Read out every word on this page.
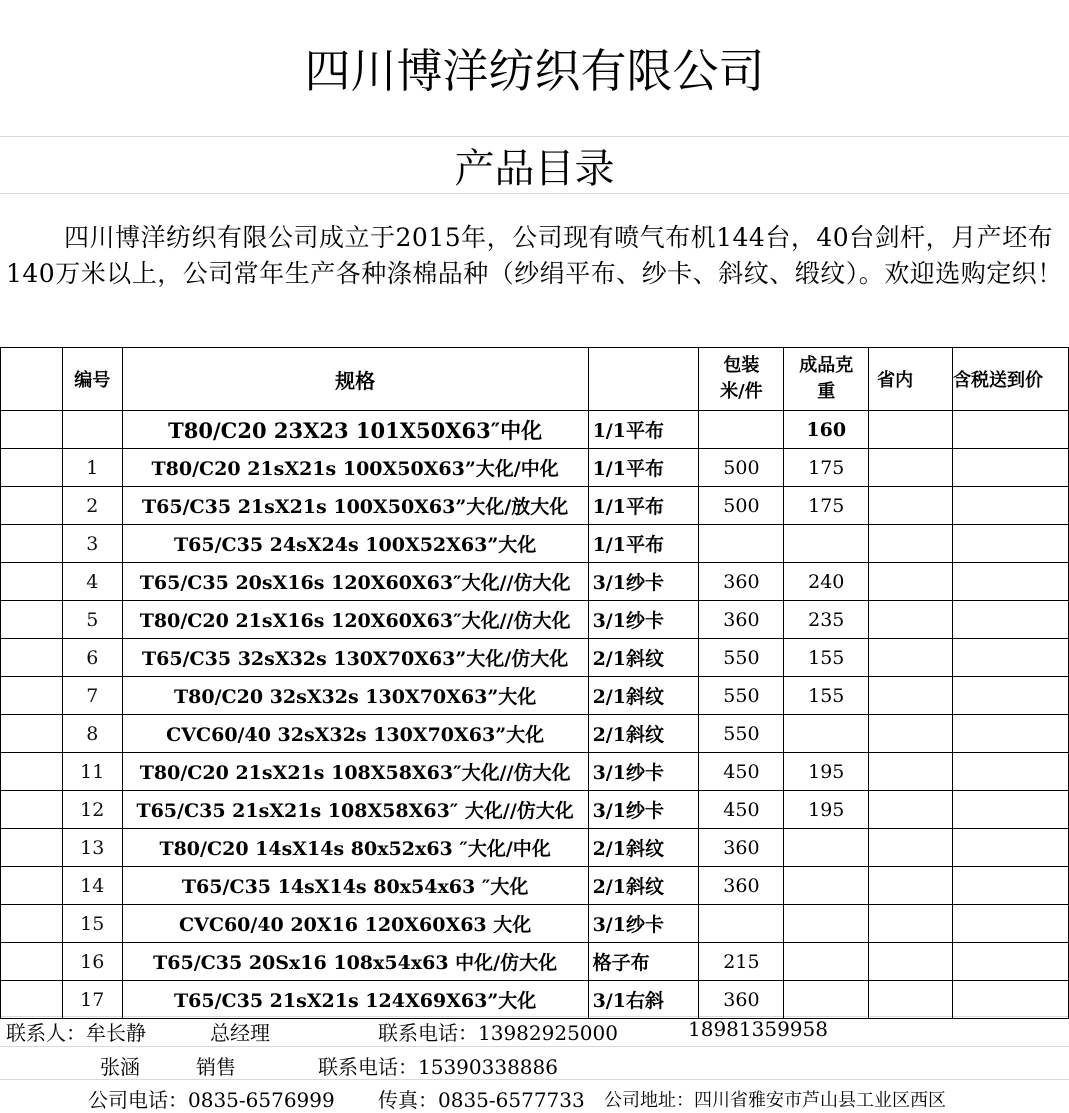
四川博洋纺织有限公司
产品目录
四川博洋纺织有限公司成立于2015年，公司现有喷气布机144台，40台剑杆，月产坯布140万米以上，公司常年生产各种涤棉品种（纱绢平布、纱卡、斜纹、缎纹）。欢迎选购定织！
	编号	规格		包装米/件	成品克重	省内	含税送到价
		T80/C20 23X23 101X50X63″中化	1/1平布		160		
	1	T80/C20 21sX21s 100X50X63”大化/中化	1/1平布	500	175		
	2	T65/C35 21sX21s 100X50X63”大化/放大化	1/1平布	500	175		
	3	T65/C35 24sX24s 100X52X63”大化	1/1平布				
	4	T65/C35 20sX16s 120X60X63″大化//仿大化	3/1纱卡	360	240		
	5	T80/C20 21sX16s 120X60X63″大化//仿大化	3/1纱卡	360	235		
	6	T65/C35 32sX32s 130X70X63”大化/仿大化	2/1斜纹	550	155		
	7	T80/C20 32sX32s 130X70X63”大化	2/1斜纹	550	155		
	8	CVC60/40 32sX32s 130X70X63”大化	2/1斜纹	550			
	11	T80/C20 21sX21s 108X58X63″大化//仿大化	3/1纱卡	450	195		
	12	T65/C35 21sX21s 108X58X63″ 大化//仿大化	3/1纱卡	450	195		
	13	T80/C20 14sX14s 80x52x63 ″大化/中化	2/1斜纹	360			
	14	T65/C35 14sX14s 80x54x63 ″大化	2/1斜纹	360			
	15	CVC60/40 20X16 120X60X63 大化	3/1纱卡				
	16	T65/C35 20Sx16 108x54x63 中化/仿大化	格子布	215			
	17	T65/C35 21sX21s 124X69X63”大化	3/1右斜	360			
联系人：牟长静	总经理	联系电话：13982925000	18981359958
张涵	销售	联系电话：15390338886
公司电话：0835-6576999 传真：0835-6577733 公司地址：四川省雅安市芦山县工业区西区
